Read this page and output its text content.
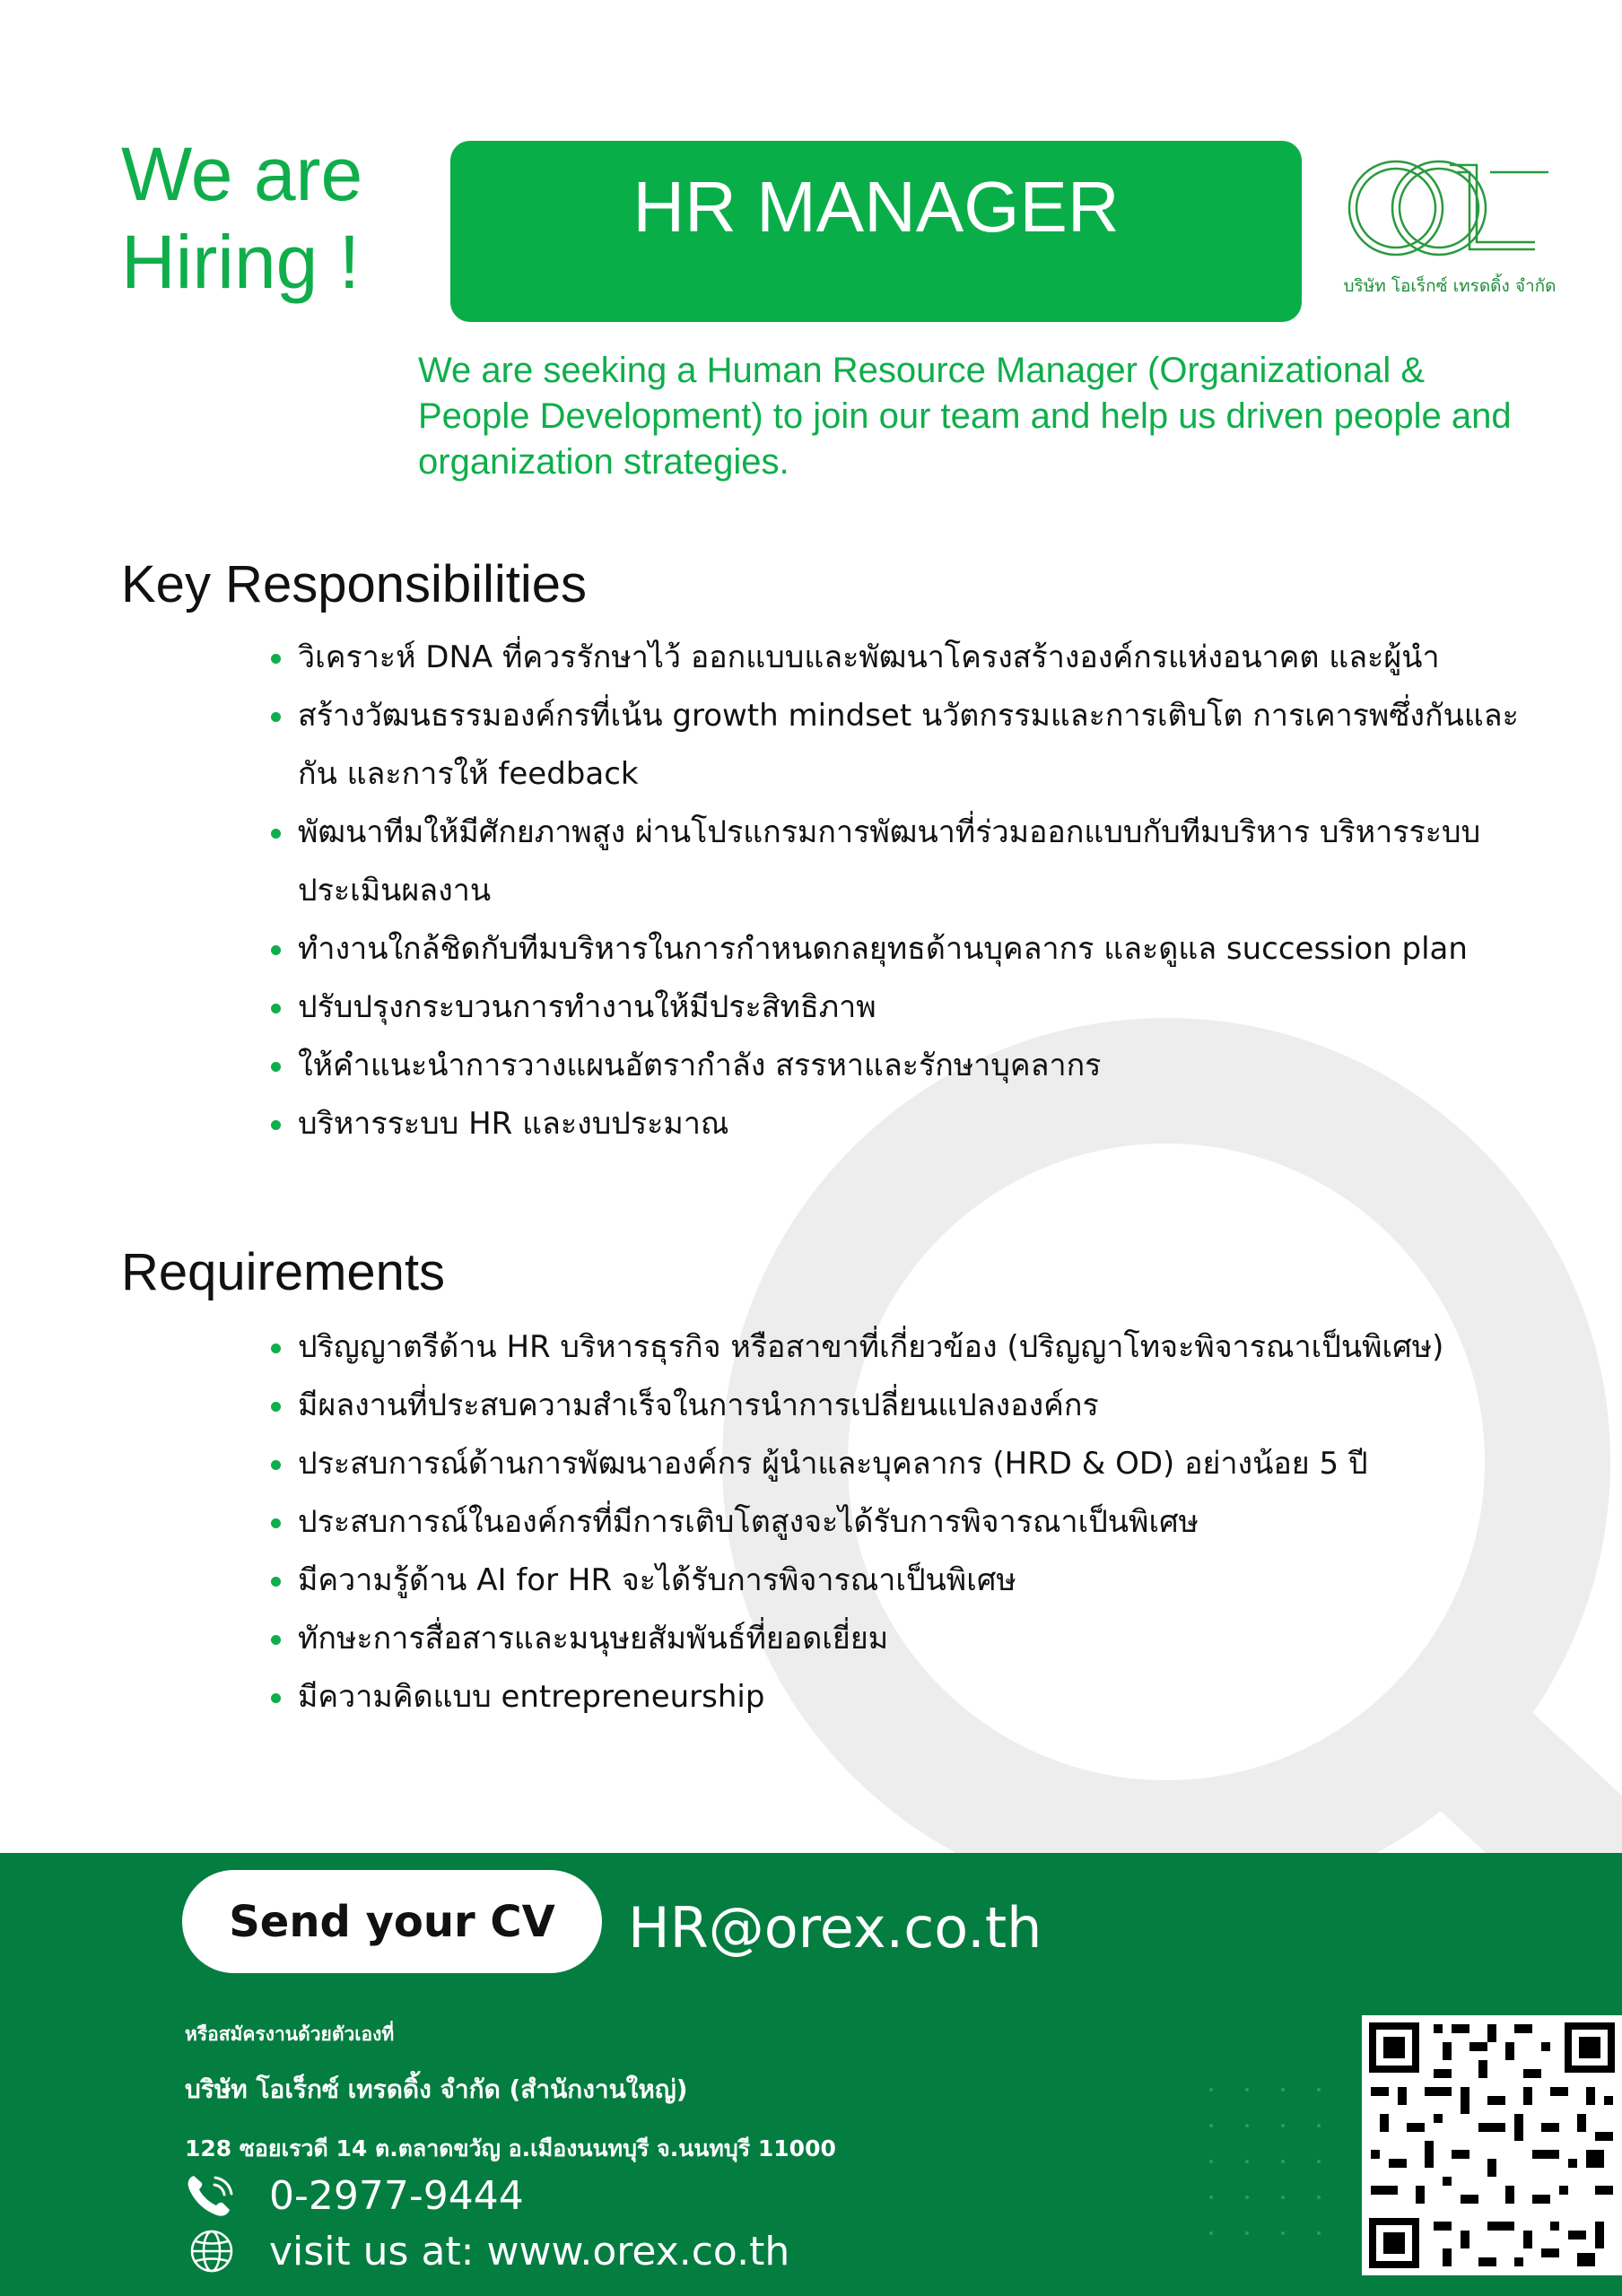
We are
Hiring !
HR MANAGER
บริษัท โอเร็กซ์ เทรดดิ้ง จำกัด

We are seeking a Human Resource Manager (Organizational & People Development) to join our team and help us driven people and organization strategies.

Key Responsibilities
วิเคราะห์ DNA ที่ควรรักษาไว้ ออกแบบและพัฒนาโครงสร้างองค์กรแห่งอนาคต และผู้นำ
สร้างวัฒนธรรมองค์กรที่เน้น growth mindset นวัตกรรมและการเติบโต การเคารพซึ่งกันและกัน และการให้ feedback
พัฒนาทีมให้มีศักยภาพสูง ผ่านโปรแกรมการพัฒนาที่ร่วมออกแบบกับทีมบริหาร บริหารระบบประเมินผลงาน
ทำงานใกล้ชิดกับทีมบริหารในการกำหนดกลยุทธด้านบุคลากร และดูแล succession plan
ปรับปรุงกระบวนการทำงานให้มีประสิทธิภาพ
ให้คำแนะนำการวางแผนอัตรากำลัง สรรหาและรักษาบุคลากร
บริหารระบบ HR และงบประมาณ
Requirements
ปริญญาตรีด้าน HR บริหารธุรกิจ หรือสาขาที่เกี่ยวข้อง (ปริญญาโทจะพิจารณาเป็นพิเศษ)
มีผลงานที่ประสบความสำเร็จในการนำการเปลี่ยนแปลงองค์กร
ประสบการณ์ด้านการพัฒนาองค์กร ผู้นำและบุคลากร (HRD & OD) อย่างน้อย 5 ปี
ประสบการณ์ในองค์กรที่มีการเติบโตสูงจะได้รับการพิจารณาเป็นพิเศษ
มีความรู้ด้าน AI for HR จะได้รับการพิจารณาเป็นพิเศษ
ทักษะการสื่อสารและมนุษยสัมพันธ์ที่ยอดเยี่ยม
มีความคิดแบบ entrepreneurship
Send your CV	HR@orex.co.th
หรือสมัครงานด้วยตัวเองที่
บริษัท โอเร็กซ์ เทรดดิ้ง จำกัด (สำนักงานใหญ่)
128 ซอยเรวดี 14 ต.ตลาดขวัญ อ.เมืองนนทบุรี จ.นนทบุรี 11000
0-2977-9444
visit us at: www.orex.co.th
